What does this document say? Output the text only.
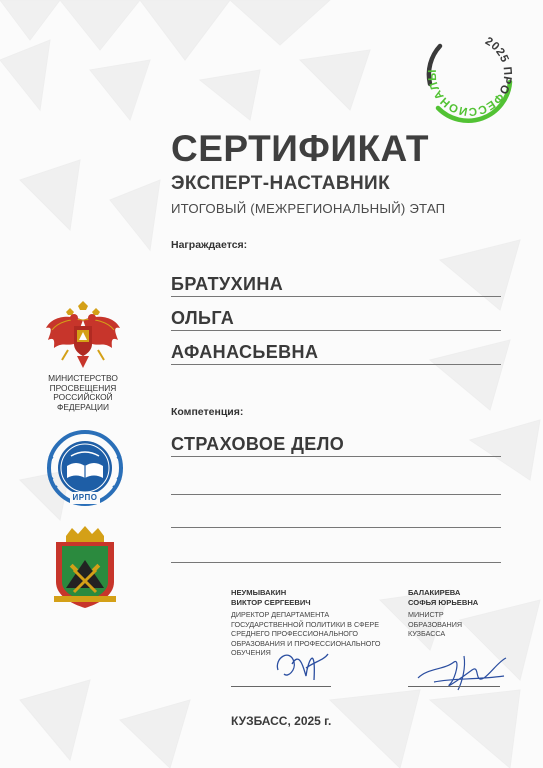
2025 ПРО ФЕССИОНАЛЫ
СЕРТИФИКАТ
ЭКСПЕРТ-НАСТАВНИК
ИТОГОВЫЙ (МЕЖРЕГИОНАЛЬНЫЙ) ЭТАП
Награждается:
БРАТУХИНА
ОЛЬГА
АФАНАСЬЕВНА
Компетенция:
СТРАХОВОЕ ДЕЛО
МИНИСТЕРСТВО ПРОСВЕЩЕНИЯ РОССИЙСКОЙ ФЕДЕРАЦИИ
ИРПО
НЕУМЫВАКИН
ВИКТОР СЕРГЕЕВИЧ
ДИРЕКТОР ДЕПАРТАМЕНТА
ГОСУДАРСТВЕННОЙ ПОЛИТИКИ В СФЕРЕ
СРЕДНЕГО ПРОФЕССИОНАЛЬНОГО
ОБРАЗОВАНИЯ И ПРОФЕССИОНАЛЬНОГО
ОБУЧЕНИЯ
БАЛАКИРЕВА
СОФЬЯ ЮРЬЕВНА
МИНИСТР
ОБРАЗОВАНИЯ
КУЗБАССА
КУЗБАСС, 2025 г.
